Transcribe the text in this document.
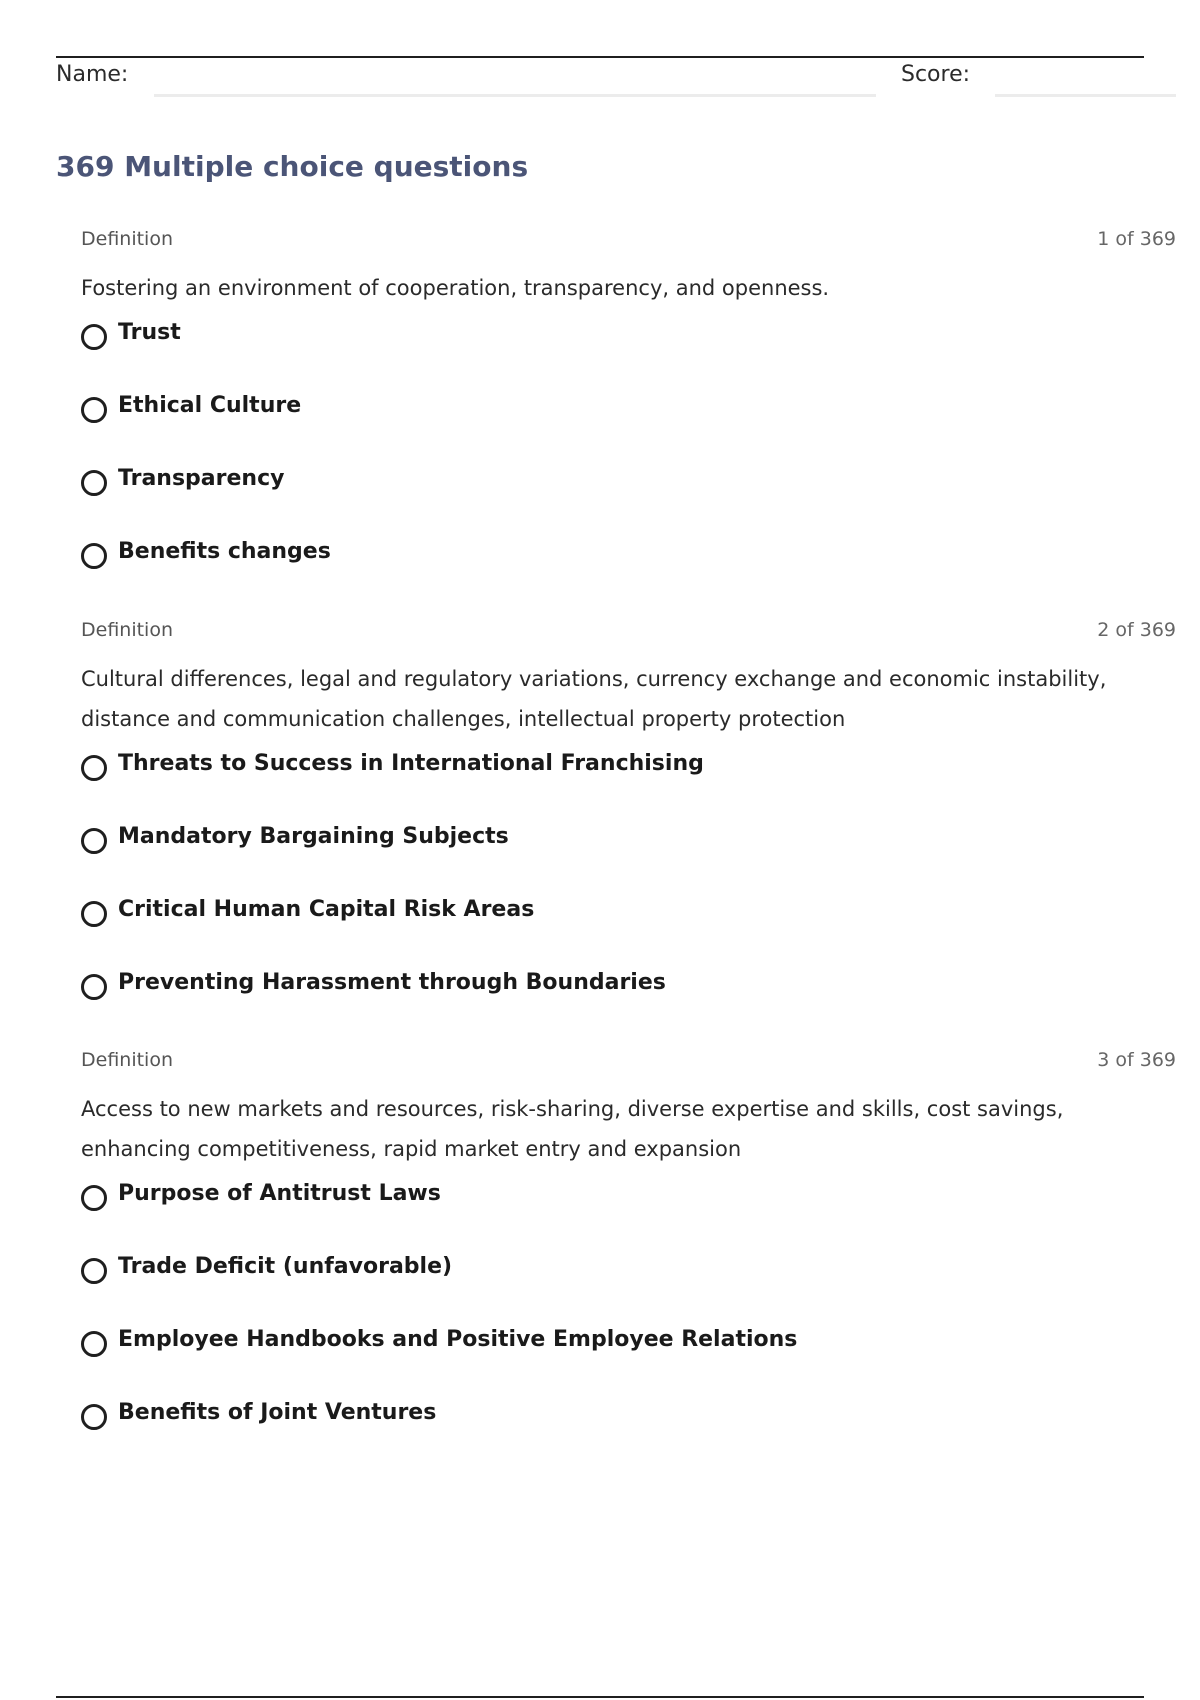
Name:	Score:
369 Multiple choice questions
Definition	1 of 369
Fostering an environment of cooperation, transparency, and openness.
Trust
Ethical Culture
Transparency
Benefits changes
Definition	2 of 369
Cultural differences, legal and regulatory variations, currency exchange and economic instability, distance and communication challenges, intellectual property protection
Threats to Success in International Franchising
Mandatory Bargaining Subjects
Critical Human Capital Risk Areas
Preventing Harassment through Boundaries
Definition	3 of 369
Access to new markets and resources, risk-sharing, diverse expertise and skills, cost savings, enhancing competitiveness, rapid market entry and expansion
Purpose of Antitrust Laws
Trade Deficit (unfavorable)
Employee Handbooks and Positive Employee Relations
Benefits of Joint Ventures
